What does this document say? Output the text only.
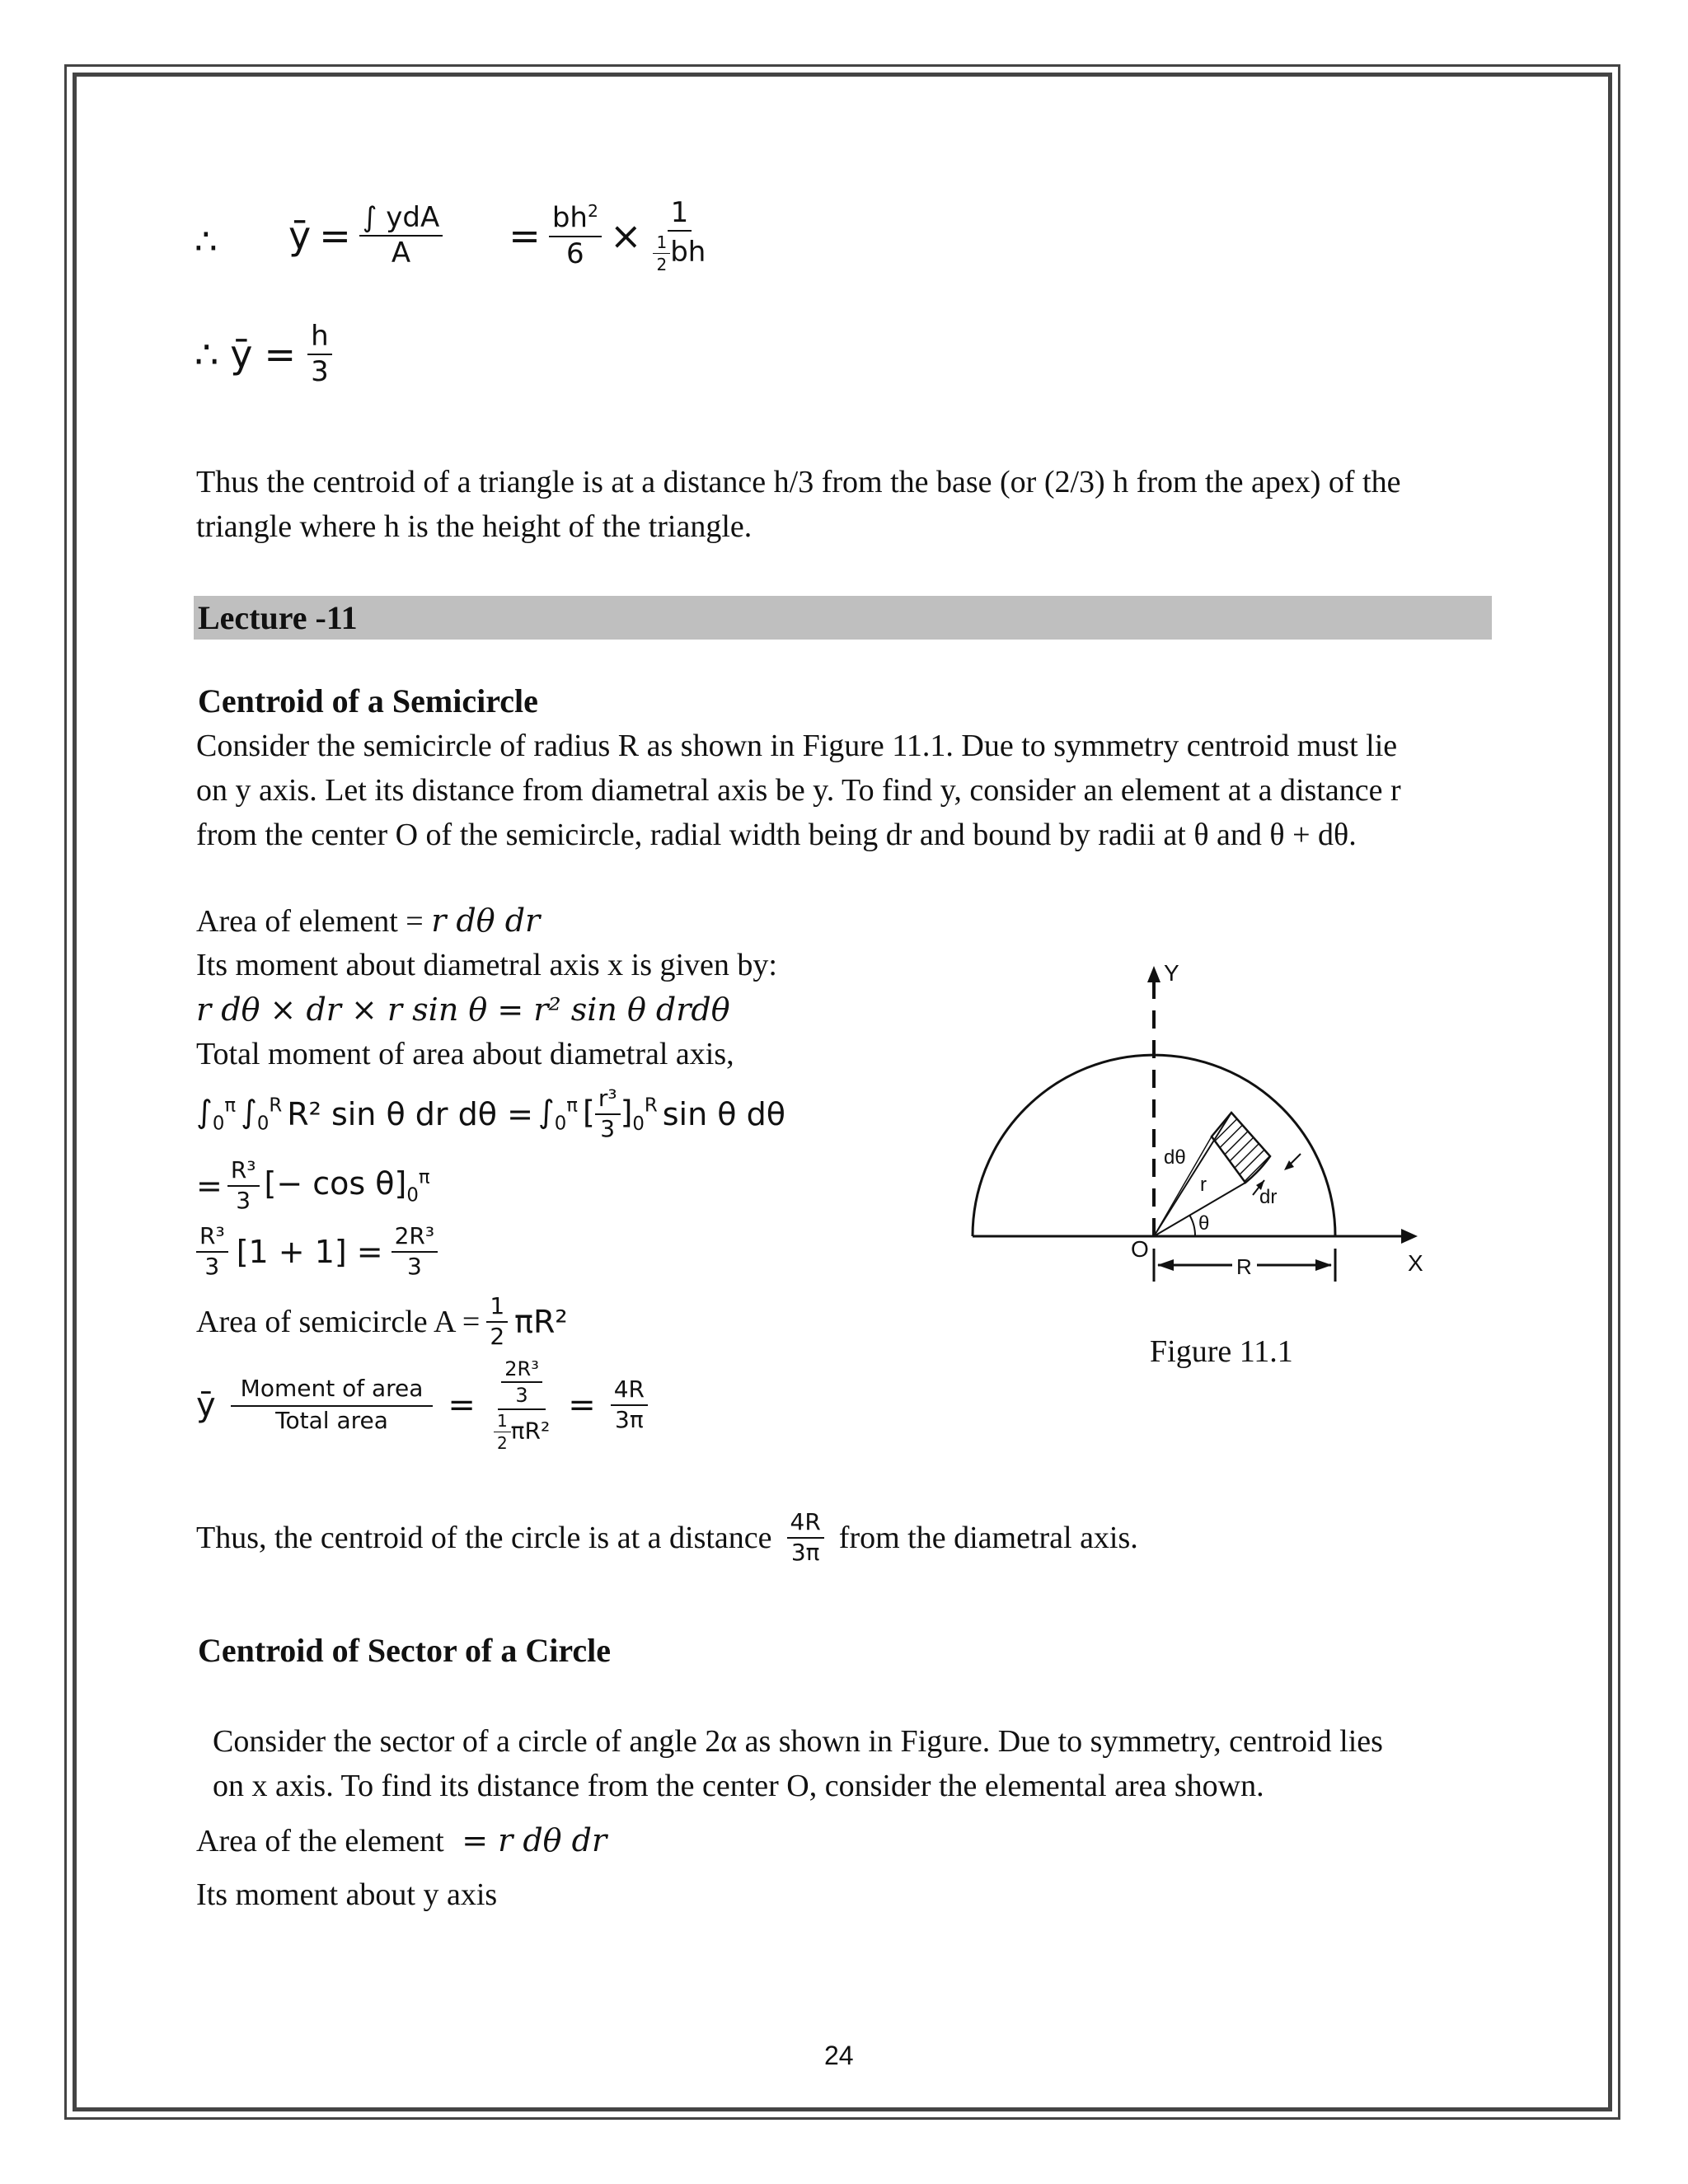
∴ ȳ = $\frac{\text{∫ ydA}}{A} = \frac{bh^2}{6} \times \frac{1}{\frac{1}{2} bh}$
∴ ȳ = $\frac{h}{3}$
Thus the centroid of a triangle is at a distance h/3 from the base (or (2/3) h from the apex) of the
triangle where h is the height of the triangle.
Lecture -11
Centroid of a Semicircle
Consider the semicircle of radius R as shown in Figure 11.1. Due to symmetry centroid must lie
on y axis. Let its distance from diametral axis be y. To find y, consider an element at a distance r
from the center O of the semicircle, radial width being dr and bound by radii at θ and θ + dθ.
Area of element = r dθ dr
Its moment about diametral axis x is given by:
r dθ × dr × r sin θ = r² sin θ drdθ
Total moment of area about diametral axis,
$\int_0^\pi$ $\int_0^R$ R² sin θ dr $d\theta = \int_0^\pi$ [ $\frac{\text{r³}}{3} ]_0^R$ sin θ dθ
= $\frac{\text{R³}}{3}$ [− $\cos \theta]_0^\pi$
$\frac{\text{R³}}{3} [1 + 1] = \frac{\text{2R³}}{3}$
Area of semicircle $A = \frac{1}{2} \pi R^2$
ȳ $\frac{\text{Moment of area}}{\text{Total area}} = \frac{\frac{\text{2R³}}{3}}{\frac{1}{2} \pi R^2} = \frac{4R}{3\pi}$
Thus, the centroid of the circle is at a distance $\frac{4R}{3\pi}$ from the diametral axis.
Y
X
O
R
dθ
r
θ
dr
Figure 11.1
Centroid of Sector of a Circle
Consider the sector of a circle of angle 2α as shown in Figure. Due to symmetry, centroid lies
on x axis. To find its distance from the center O, consider the elemental area shown.
Area of the element = r dθ dr
Its moment about y axis
24
